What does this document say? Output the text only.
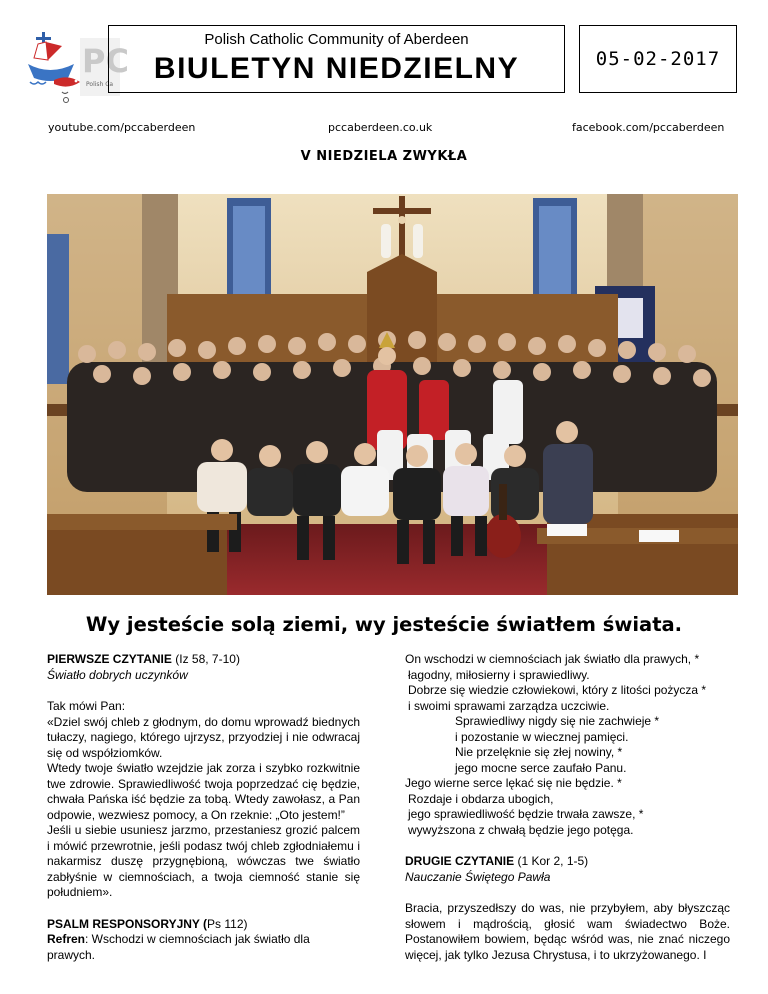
PC
Polish Ca
Polish Catholic Community of Aberdeen
BIULETYN NIEDZIELNY	05-02-2017
youtube.com/pccaberdeen	pccaberdeen.co.uk	facebook.com/pccaberdeen
V NIEDZIELA ZWYKŁA
Wy jesteście solą ziemi, wy jesteście światłem świata.

PIERWSZE CZYTANIE (Iz 58, 7-10)

Światło dobrych uczynków

Tak mówi Pan:

«Dziel swój chleb z głodnym, do domu wprowadź biednych tułaczy, nagiego, którego ujrzysz, przyodziej i nie odwracaj się od współziomków.
Wtedy twoje światło wzejdzie jak zorza i szybko rozkwitnie twe zdrowie. Sprawiedliwość twoja poprzedzać cię będzie, chwała Pańska iść będzie za tobą. Wtedy zawołasz, a Pan odpowie, wezwiesz pomocy, a On rzeknie: „Oto jestem!”
Jeśli u siebie usuniesz jarzmo, przestaniesz grozić palcem i mówić przewrotnie, jeśli podasz twój chleb zgłodniałemu i nakarmisz duszę przygnębioną, wówczas twe światło zabłyśnie w ciemnościach, a twoja ciemność stanie się południem».

PSALM RESPONSORYJNY (Ps 112)

Refren: Wschodzi w ciemnościach jak światło dla prawych.

On wschodzi w ciemnościach jak światło dla prawych, *

łagodny, miłosierny i sprawiedliwy.

Dobrze się wiedzie człowiekowi, który z litości pożycza *

i swoimi sprawami zarządza uczciwie.

Sprawiedliwy nigdy się nie zachwieje *

i pozostanie w wiecznej pamięci.

Nie przelęknie się złej nowiny, *

jego mocne serce zaufało Panu.

Jego wierne serce lękać się nie będzie. *

Rozdaje i obdarza ubogich,

jego sprawiedliwość będzie trwała zawsze, *

wywyższona z chwałą będzie jego potęga.

DRUGIE CZYTANIE (1 Kor 2, 1-5)

Nauczanie Świętego Pawła

Bracia, przyszedłszy do was, nie przybyłem, aby błyszcząc słowem i mądrością, głosić wam świadectwo Boże. Postanowiłem bowiem, będąc wśród was, nie znać niczego więcej, jak tylko Jezusa Chrystusa, i to ukrzyżowanego. I
